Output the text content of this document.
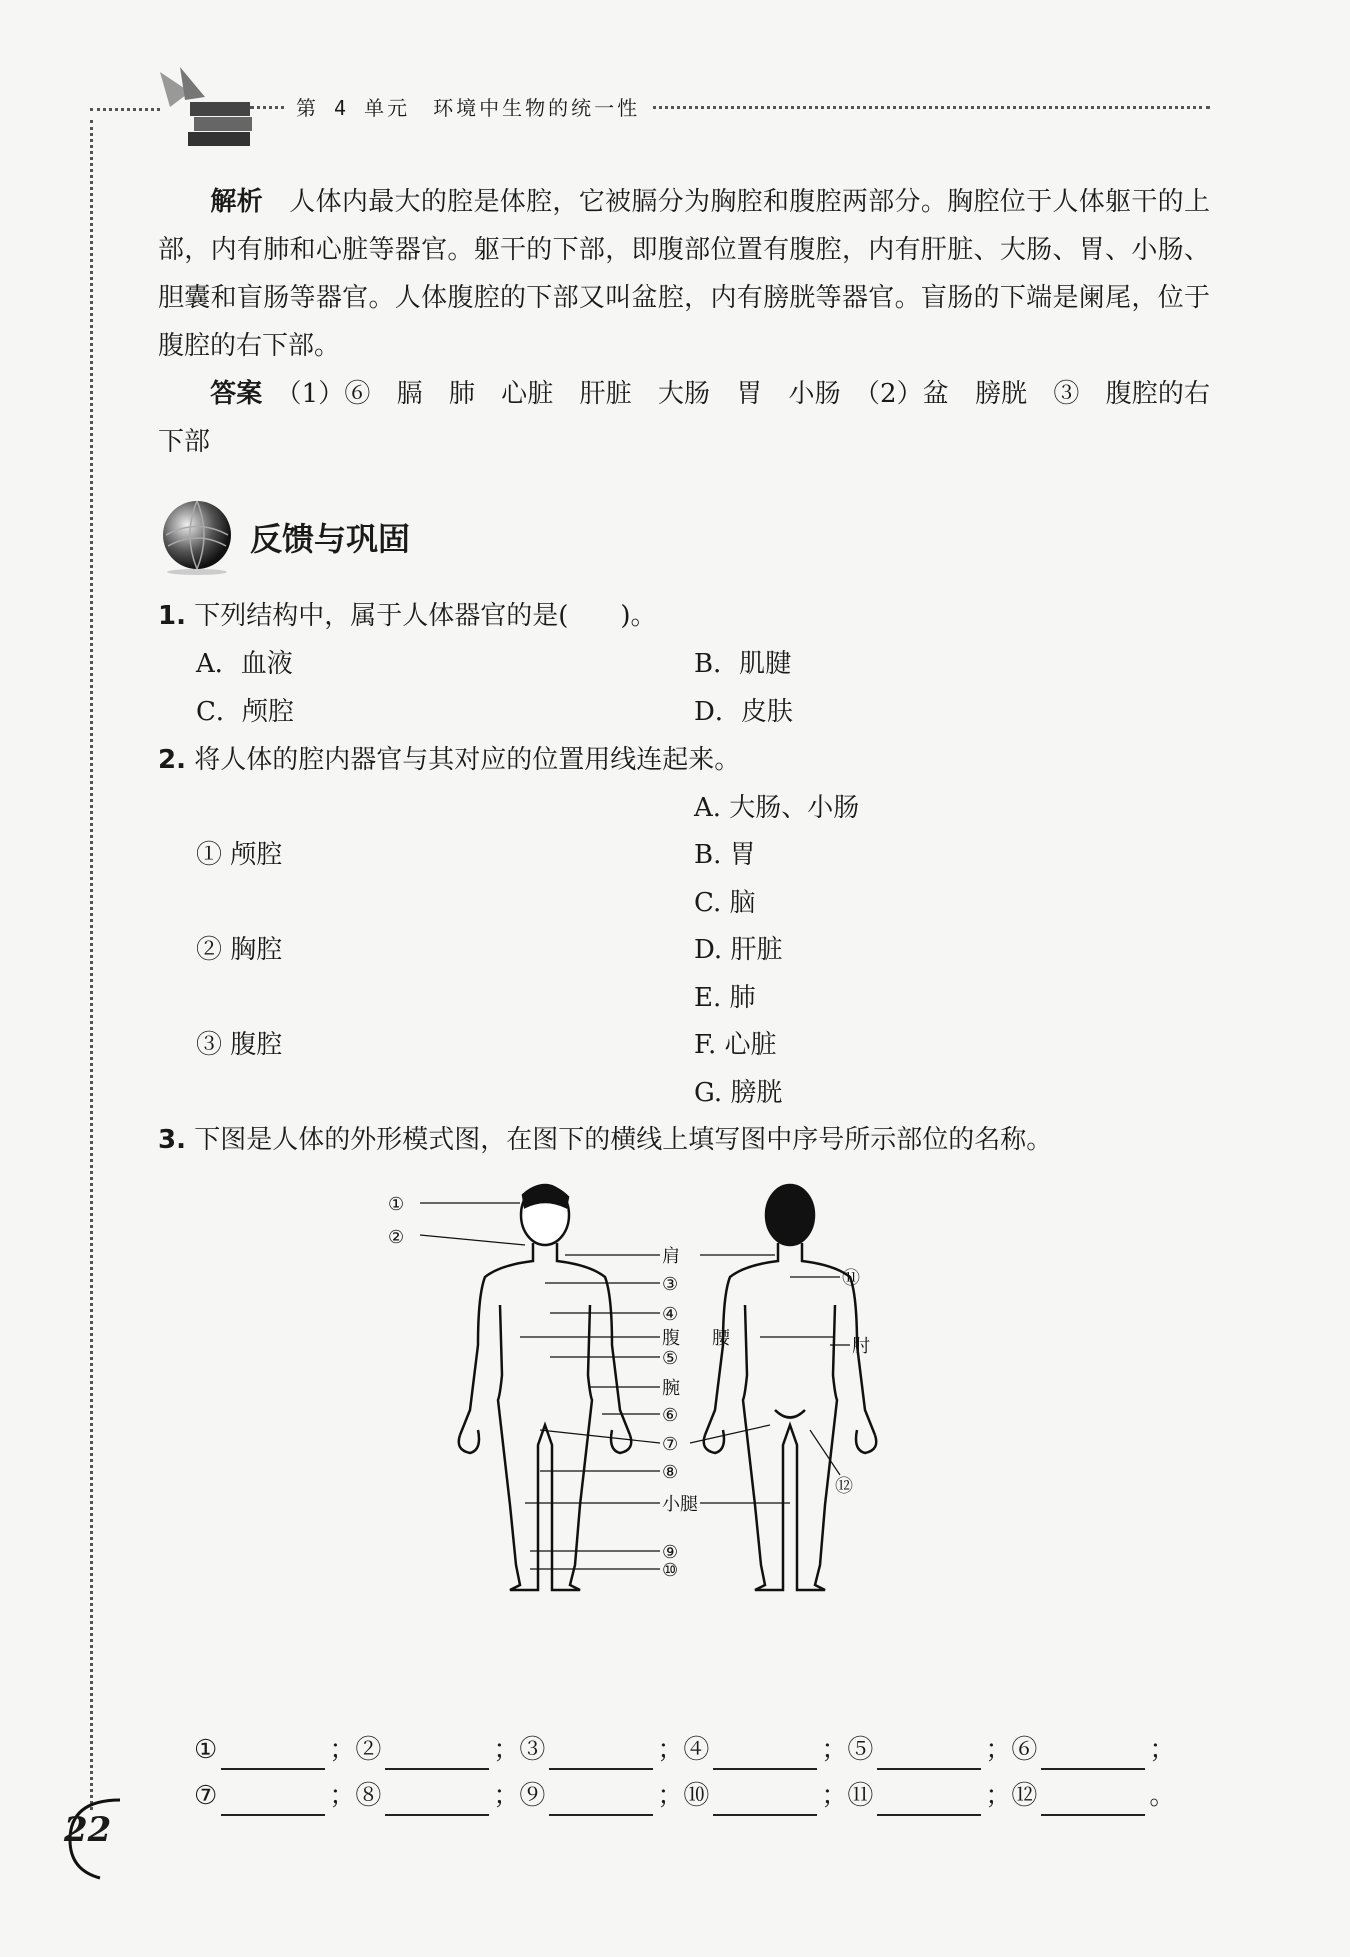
第 4 单元　环境中生物的统一性
解析　 人体内最大的腔是体腔，它被膈分为胸腔和腹腔两部分。胸腔位于人体躯干的上部，内有肺和心脏等器官。躯干的下部，即腹部位置有腹腔，内有肝脏、大肠、胃、小肠、胆囊和盲肠等器官。人体腹腔的下部又叫盆腔，内有膀胱等器官。盲肠的下端是阑尾，位于腹腔的右下部。
答案　 （1）⑥　膈　肺　心脏　肝脏　大肠　胃　小肠　（2）盆　膀胱　③　腹腔的右下部
反馈与巩固
1. 下列结构中，属于人体器官的是(　　)。
A．血液	B．肌腱
C．颅腔	D．皮肤
2. 将人体的腔内器官与其对应的位置用线连起来。
A. 大肠、小肠
① 颅腔	B. 胃
C. 脑
② 胸腔	D. 肝脏
E. 肺
③ 腹腔	F. 心脏
G. 膀胱
3. 下图是人体的外形模式图，在图下的横线上填写图中序号所示部位的名称。
①
②
肩
③
④
腹 腰
⑤
腕
⑥
⑦
⑧
小腿
⑨
⑩
⑪
肘
⑫
①	；②	；③	；④	；⑤	；⑥	；
⑦	；⑧	；⑨	；⑩	；⑪	；⑫	。
22
